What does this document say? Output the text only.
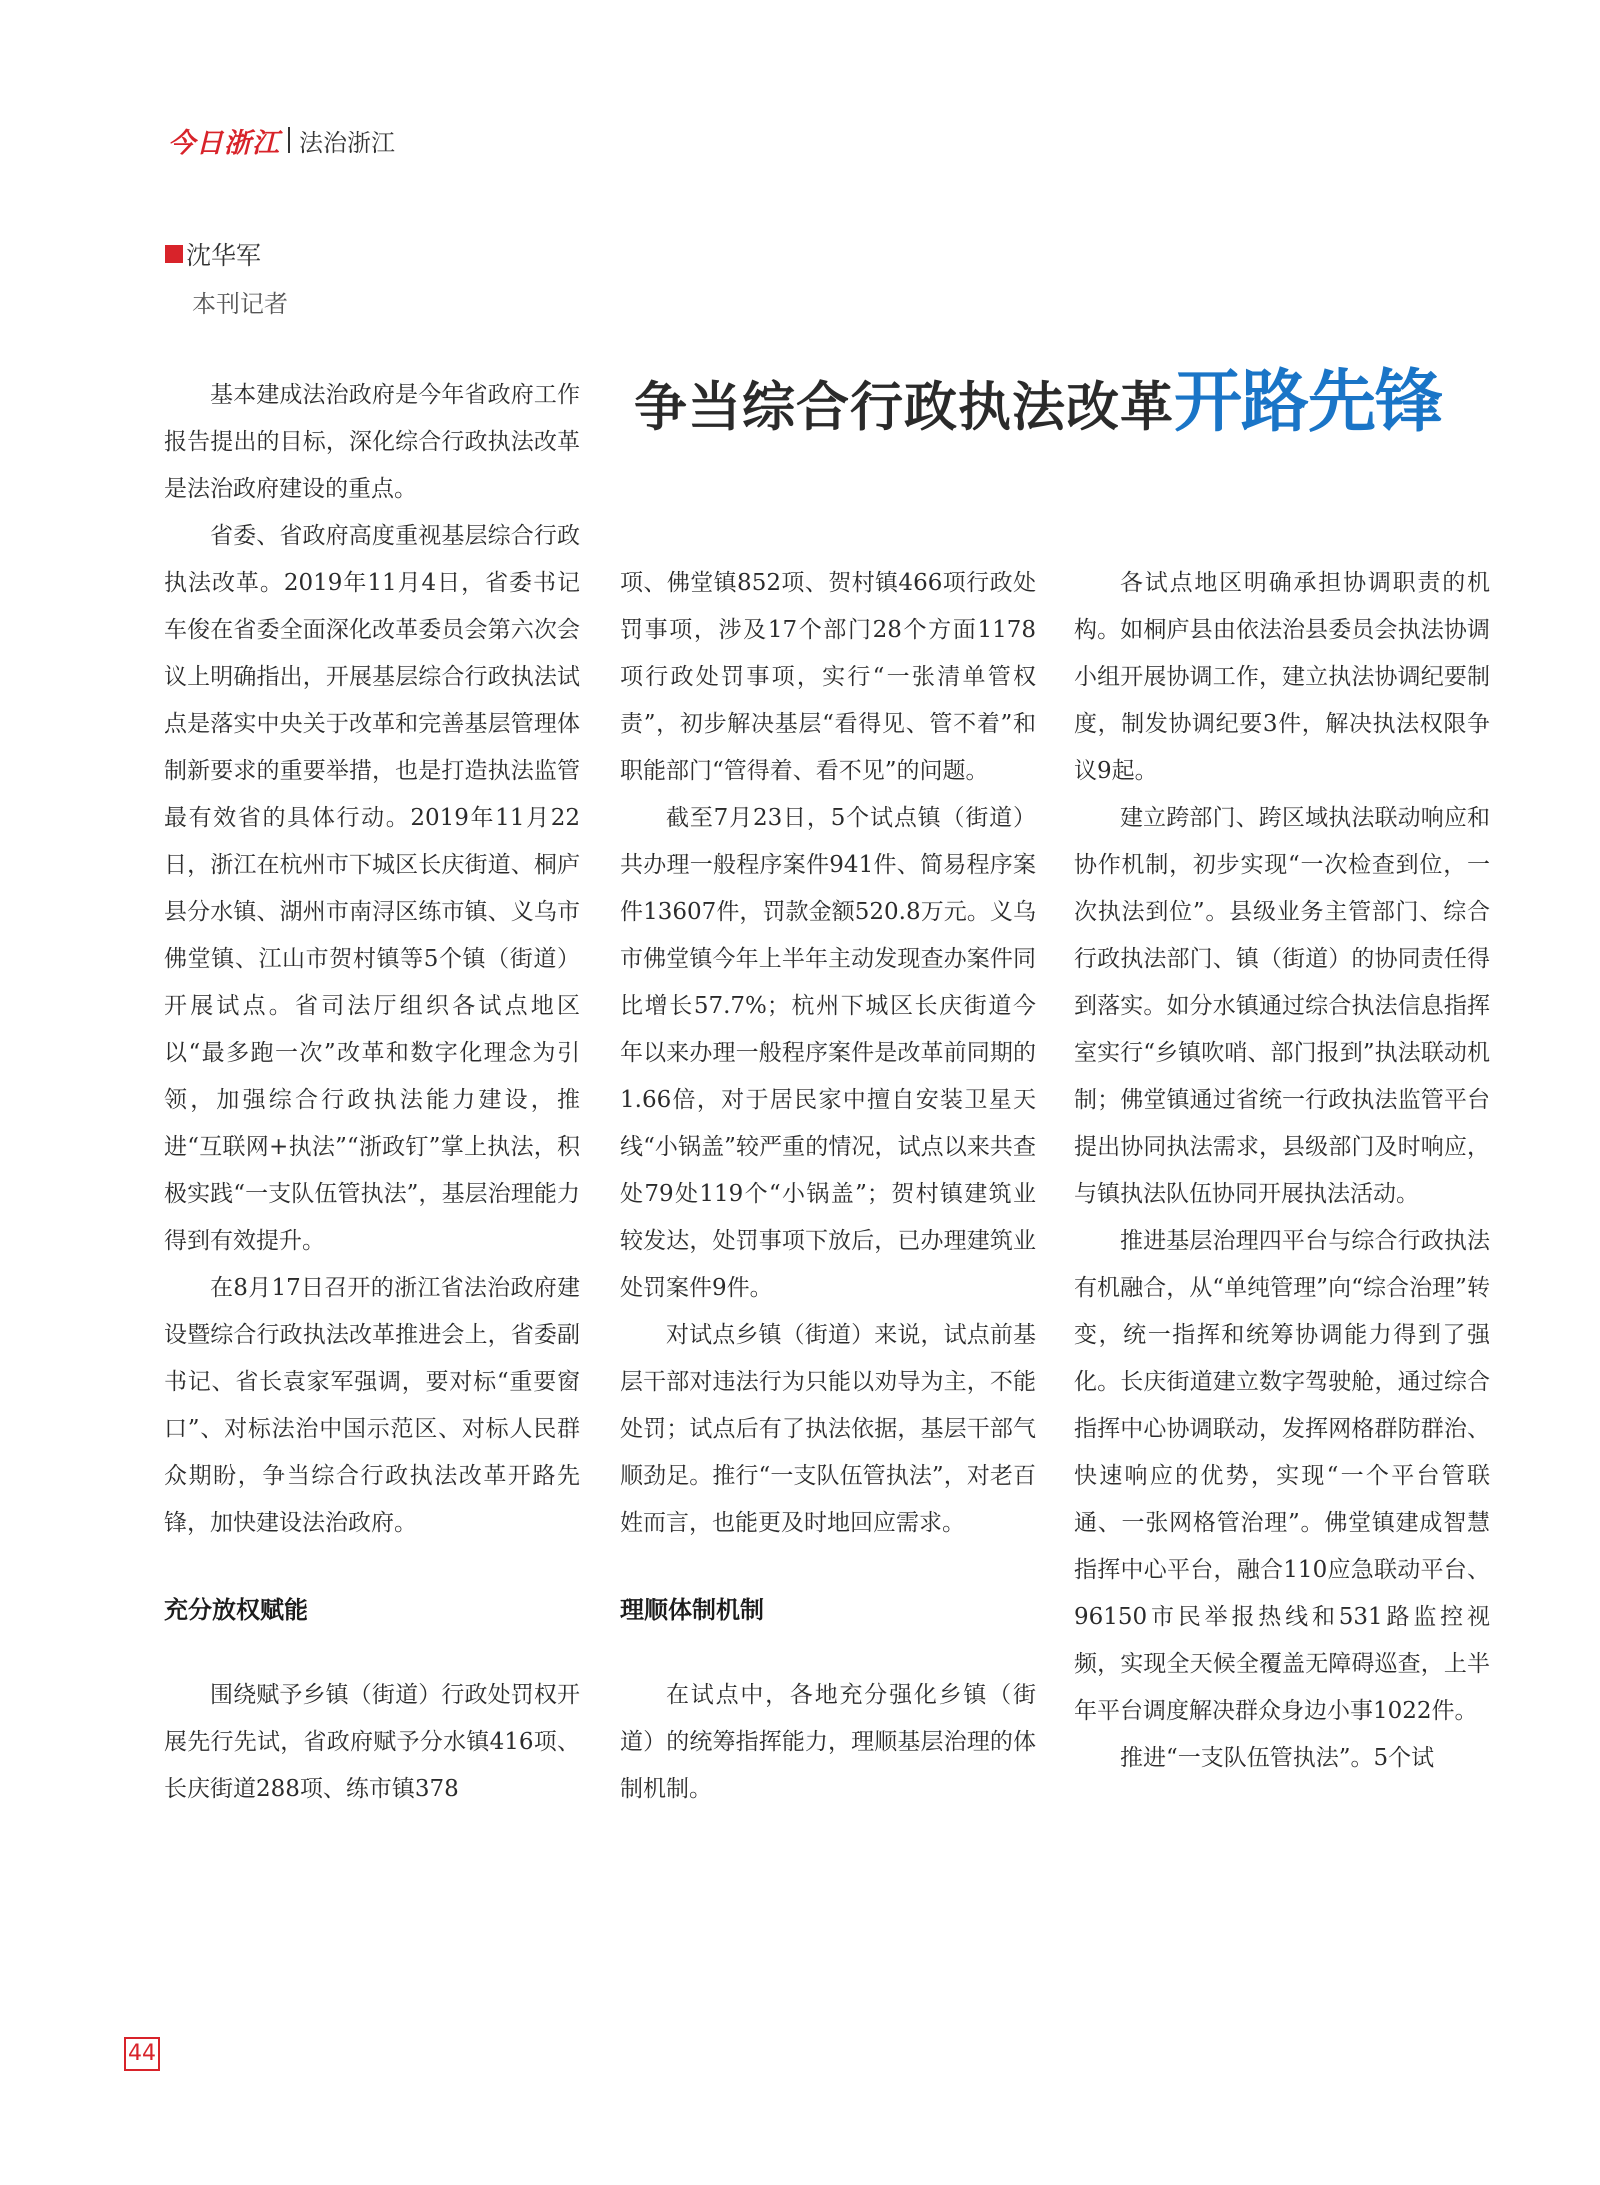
今日浙江 法治浙江
沈华军
本刊记者
争当综合行政执法改革开路先锋

基本建成法治政府是今年省政府工作报告提出的目标，深化综合行政执法改革是法治政府建设的重点。

省委、省政府高度重视基层综合行政执法改革。2019年11月4日，省委书记车俊在省委全面深化改革委员会第六次会议上明确指出，开展基层综合行政执法试点是落实中央关于改革和完善基层管理体制新要求的重要举措，也是打造执法监管最有效省的具体行动。2019年11月22日，浙江在杭州市下城区长庆街道、桐庐县分水镇、湖州市南浔区练市镇、义乌市佛堂镇、江山市贺村镇等5个镇（街道）开展试点。省司法厅组织各试点地区以“最多跑一次”改革和数字化理念为引领，加强综合行政执法能力建设，推进“互联网+执法”“浙政钉”掌上执法，积极实践“一支队伍管执法”，基层治理能力得到有效提升。

在8月17日召开的浙江省法治政府建设暨综合行政执法改革推进会上，省委副书记、省长袁家军强调，要对标“重要窗口”、对标法治中国示范区、对标人民群众期盼，争当综合行政执法改革开路先锋，加快建设法治政府。

充分放权赋能

围绕赋予乡镇（街道）行政处罚权开展先行先试，省政府赋予分水镇416项、长庆街道288项、练市镇378

项、佛堂镇852项、贺村镇466项行政处罚事项，涉及17个部门28个方面1178项行政处罚事项，实行“一张清单管权责”，初步解决基层“看得见、管不着”和职能部门“管得着、看不见”的问题。

截至7月23日，5个试点镇（街道）共办理一般程序案件941件、简易程序案件13607件，罚款金额520.8万元。义乌市佛堂镇今年上半年主动发现查办案件同比增长57.7%；杭州下城区长庆街道今年以来办理一般程序案件是改革前同期的1.66倍，对于居民家中擅自安装卫星天线“小锅盖”较严重的情况，试点以来共查处79处119个“小锅盖”；贺村镇建筑业较发达，处罚事项下放后，已办理建筑业处罚案件9件。

对试点乡镇（街道）来说，试点前基层干部对违法行为只能以劝导为主，不能处罚；试点后有了执法依据，基层干部气顺劲足。推行“一支队伍管执法”，对老百姓而言，也能更及时地回应需求。

理顺体制机制

在试点中，各地充分强化乡镇（街道）的统筹指挥能力，理顺基层治理的体制机制。

各试点地区明确承担协调职责的机构。如桐庐县由依法治县委员会执法协调小组开展协调工作，建立执法协调纪要制度，制发协调纪要3件，解决执法权限争议9起。

建立跨部门、跨区域执法联动响应和协作机制，初步实现“一次检查到位，一次执法到位”。县级业务主管部门、综合行政执法部门、镇（街道）的协同责任得到落实。如分水镇通过综合执法信息指挥室实行“乡镇吹哨、部门报到”执法联动机制；佛堂镇通过省统一行政执法监管平台提出协同执法需求，县级部门及时响应，与镇执法队伍协同开展执法活动。

推进基层治理四平台与综合行政执法有机融合，从“单纯管理”向“综合治理”转变，统一指挥和统筹协调能力得到了强化。长庆街道建立数字驾驶舱，通过综合指挥中心协调联动，发挥网格群防群治、快速响应的优势，实现“一个平台管联通、一张网格管治理”。佛堂镇建成智慧指挥中心平台，融合110应急联动平台、96150市民举报热线和531路监控视频，实现全天候全覆盖无障碍巡查，上半年平台调度解决群众身边小事1022件。

推进“一支队伍管执法”。5个试

44
